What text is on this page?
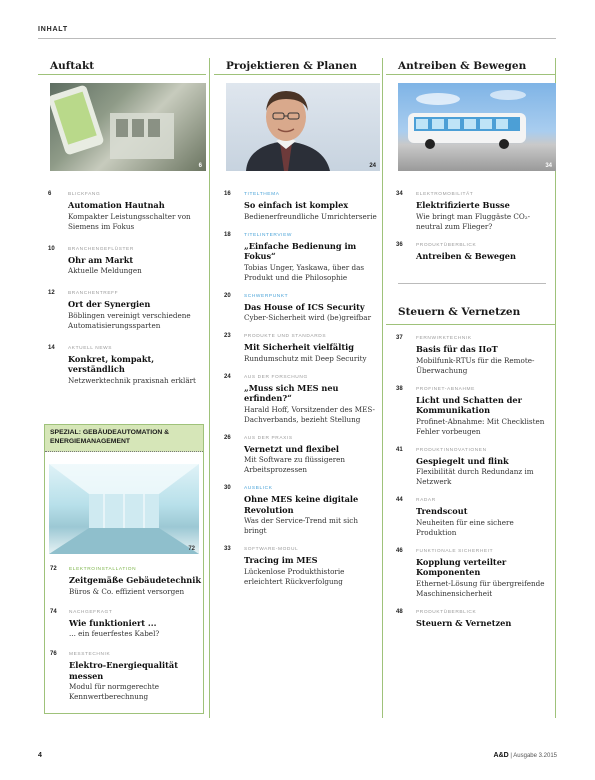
INHALT
Auftakt
6
6	BLICKFANG
Automation Hautnah
Kompakter Leistungsschalter von Siemens im Fokus
10	BRANCHENGEFLÜSTER
Ohr am Markt
Aktuelle Meldungen
12	BRANCHENTREFF
Ort der Synergien
Böblingen vereinigt verschiedene Automatisierungssparten
14	AKTUELL NEWS
Konkret, kompakt, verständlich
Netzwerktechnik praxisnah erklärt
SPEZIAL: GEBÄUDEAUTOMATION & ENERGIEMANAGEMENT
72
72	ELEKTROINSTALLATION
Zeitgemäße Gebäudetechnik
Büros & Co. effizient versorgen
74	NACHGEFRAGT
Wie funktioniert ...
... ein feuerfestes Kabel?
76	MESSTECHNIK
Elektro-Energiequalität messen
Modul für normgerechte Kennwertberechnung
Projektieren & Planen
24
16	TITELTHEMA
So einfach ist komplex
Bedienerfreundliche Umrichterserie
18	TITELINTERVIEW
„Einfache Bedienung im Fokus“
Tobias Unger, Yaskawa, über das Produkt und die Philosophie
20	SCHWERPUNKT
Das House of ICS Security
Cyber-Sicherheit wird (be)greifbar
23	PRODUKTE UND STANDARDS
Mit Sicherheit vielfältig
Rundumschutz mit Deep Security
24	AUS DER FORSCHUNG
„Muss sich MES neu erfinden?“
Harald Hoff, Vorsitzender des MES-Dachverbands, bezieht Stellung
26	AUS DER PRAXIS
Vernetzt und flexibel
Mit Software zu flüssigeren Arbeitsprozessen
30	AUSBLICK
Ohne MES keine digitale Revolution
Was der Service-Trend mit sich bringt
33	SOFTWARE-MODUL
Tracing im MES
Lückenlose Produkthistorie erleichtert Rückverfolgung
Antreiben & Bewegen
34
34	ELEKTROMOBILITÄT
Elektrifizierte Busse
Wie bringt man Fluggäste CO₂-neutral zum Flieger?
36	PRODUKTÜBERBLICK
Antreiben & Bewegen
Steuern & Vernetzen
37	FERNWIRKTECHNIK
Basis für das IIoT
Mobilfunk-RTUs für die Remote-Überwachung
38	PROFINET-ABNAHME
Licht und Schatten der Kommunikation
Profinet-Abnahme: Mit Checklisten Fehler vorbeugen
41	PRODUKTINNOVATIONEN
Gespiegelt und flink
Flexibilität durch Redundanz im Netzwerk
44	RADAR
Trendscout
Neuheiten für eine sichere Produktion
46	FUNKTIONALE SICHERHEIT
Kopplung verteilter Komponenten
Ethernet-Lösung für übergreifende Maschinensicherheit
48	PRODUKTÜBERBLICK
Steuern & Vernetzen
4	A&D | Ausgabe 3.2015
